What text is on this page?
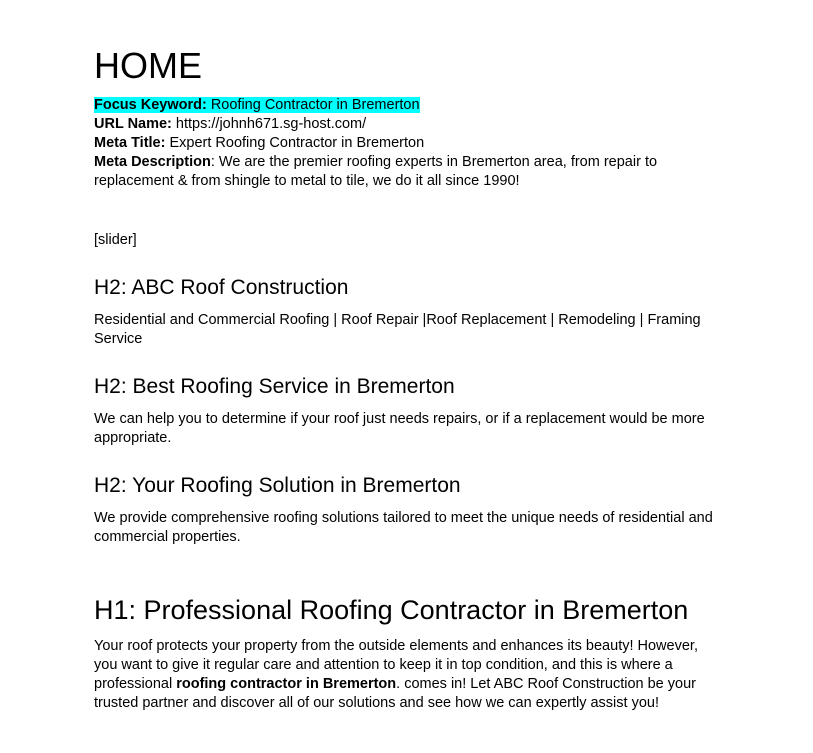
HOME
Focus Keyword: Roofing Contractor in Bremerton
URL Name: https://johnh671.sg-host.com/
Meta Title: Expert Roofing Contractor in Bremerton
Meta Description: We are the premier roofing experts in Bremerton area, from repair to replacement & from shingle to metal to tile, we do it all since 1990!
[slider]
H2: ABC Roof Construction

Residential and Commercial Roofing | Roof Repair |Roof Replacement | Remodeling | Framing Service

H2: Best Roofing Service in Bremerton

We can help you to determine if your roof just needs repairs, or if a replacement would be more appropriate.

H2: Your Roofing Solution in Bremerton

We provide comprehensive roofing solutions tailored to meet the unique needs of residential and commercial properties.

H1: Professional Roofing Contractor in Bremerton

Your roof protects your property from the outside elements and enhances its beauty! However, you want to give it regular care and attention to keep it in top condition, and this is where a professional roofing contractor in Bremerton. comes in! Let ABC Roof Construction be your trusted partner and discover all of our solutions and see how we can expertly assist you!
